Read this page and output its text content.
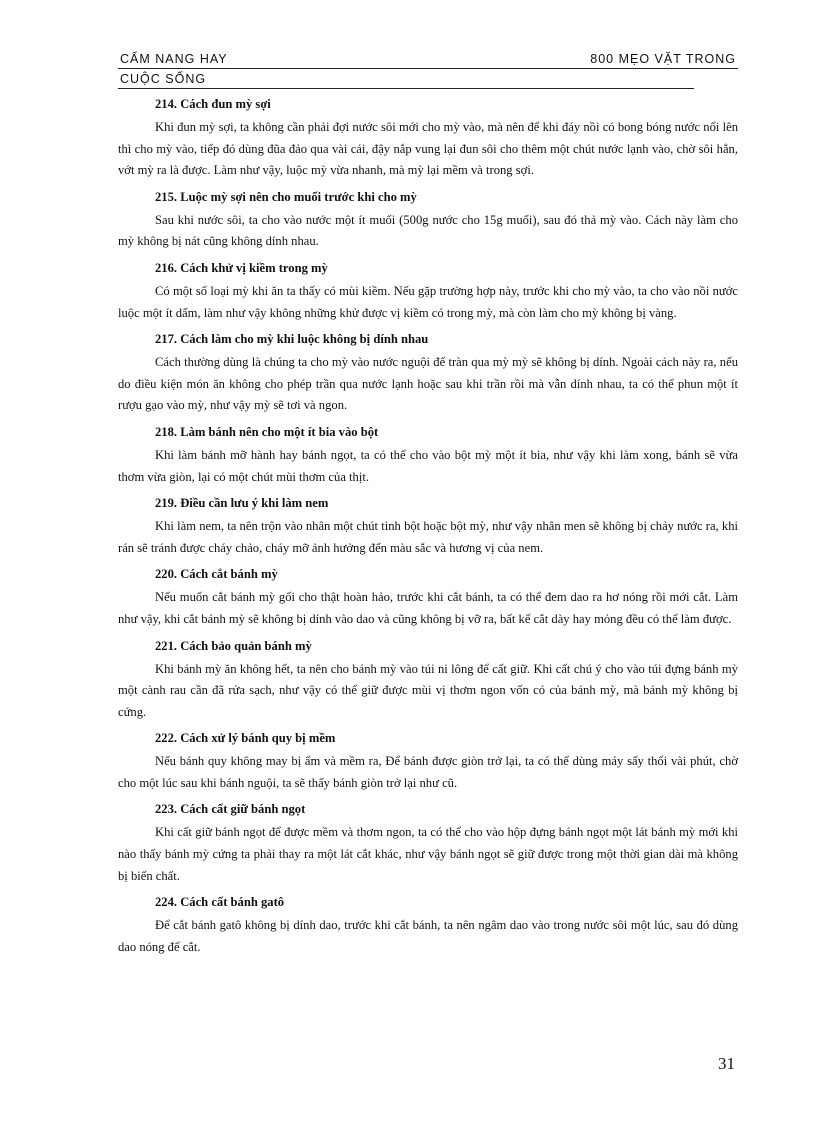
CẨM NANG HAY	800 MẸO VẶT TRONG
CUỘC SỐNG

214. Cách đun mỳ sợi

Khi đun mỳ sợi, ta không cần phải đợi nước sôi mới cho mỳ vào, mà nên để khi đáy nồi có bong bóng nước nổi lên thì cho mỳ vào, tiếp đó dùng đũa đảo qua vài cái, đậy nắp vung lại đun sôi cho thêm một chút nước lạnh vào, chờ sôi hẳn, vớt mỳ ra là được. Làm như vậy, luộc mỳ vừa nhanh, mà mỳ lại mềm và trong sợi.

215. Luộc mỳ sợi nên cho muối trước khi cho mỳ

Sau khi nước sôi, ta cho vào nước một ít muối (500g nước cho 15g muối), sau đó thả mỳ vào. Cách này làm cho mỳ không bị nát cũng không dính nhau.

216. Cách khử vị kiềm trong mỳ

Có một số loại mỳ khi ăn ta thấy có mùi kiềm. Nếu gặp trường hợp này, trước khi cho mỳ vào, ta cho vào nồi nước luộc một ít dấm, làm như vậy không những khử được vị kiềm có trong mỳ, mà còn làm cho mỳ không bị vàng.

217. Cách làm cho mỳ khi luộc không bị dính nhau

Cách thường dùng là chúng ta cho mỳ vào nước nguội để tràn qua mỳ mỳ sẽ không bị dính. Ngoài cách này ra, nếu do điều kiện món ăn không cho phép trần qua nước lạnh hoặc sau khi trần rồi mà vẫn dính nhau, ta có thể phun một ít rượu gạo vào mỳ, như vậy mỳ sẽ tơi và ngon.

218. Làm bánh nên cho một ít bia vào bột

Khi làm bánh mỡ hành hay bánh ngọt, ta có thể cho vào bột mỳ một ít bia, như vậy khi làm xong, bánh sẽ vừa thơm vừa giòn, lại có một chút mùi thơm của thịt.

219. Điều cần lưu ý khi làm nem

Khi làm nem, ta nên trộn vào nhân một chút tinh bột hoặc bột mỳ, như vậy nhân men sẽ không bị chảy nước ra, khi rán sẽ tránh được cháy chảo, cháy mỡ ảnh hưởng đến màu sắc và hương vị của nem.

220. Cách cắt bánh mỳ

Nếu muốn cắt bánh mỳ gối cho thật hoàn hảo, trước khi cắt bánh, ta có thể đem dao ra hơ nóng rồi mới cắt. Làm như vậy, khi cắt bánh mỳ sẽ không bị dính vào dao và cũng không bị vỡ ra, bất kể cắt dày hay mỏng đều có thể làm được.

221. Cách bảo quản bánh mỳ

Khi bánh mỳ ăn không hết, ta nên cho bánh mỳ vào túi ni lông để cất giữ. Khi cất chú ý cho vào túi đựng bánh mỳ một cành rau cần đã rửa sạch, như vậy có thể giữ được mùi vị thơm ngon vốn có của bánh mỳ, mà bánh mỳ không bị cứng.

222. Cách xử lý bánh quy bị mềm

Nếu bánh quy không may bị ẩm và mềm ra, Để bánh được giòn trở lại, ta có thể dùng máy sấy thổi vài phút, chờ cho một lúc sau khi bánh nguội, ta sẽ thấy bánh giòn trở lại như cũ.

223. Cách cất giữ bánh ngọt

Khi cất giữ bánh ngọt để được mềm và thơm ngon, ta có thể cho vào hộp đựng bánh ngọt một lát bánh mỳ mới khi nào thấy bánh mỳ cứng ta phải thay ra một lát cắt khác, như vậy bánh ngọt sẽ giữ được trong một thời gian dài mà không bị biến chất.

224. Cách cất bánh gatô

Để cắt bánh gatô không bị dính dao, trước khi cắt bánh, ta nên ngâm dao vào trong nước sôi một lúc, sau đó dùng dao nóng để cắt.

31
